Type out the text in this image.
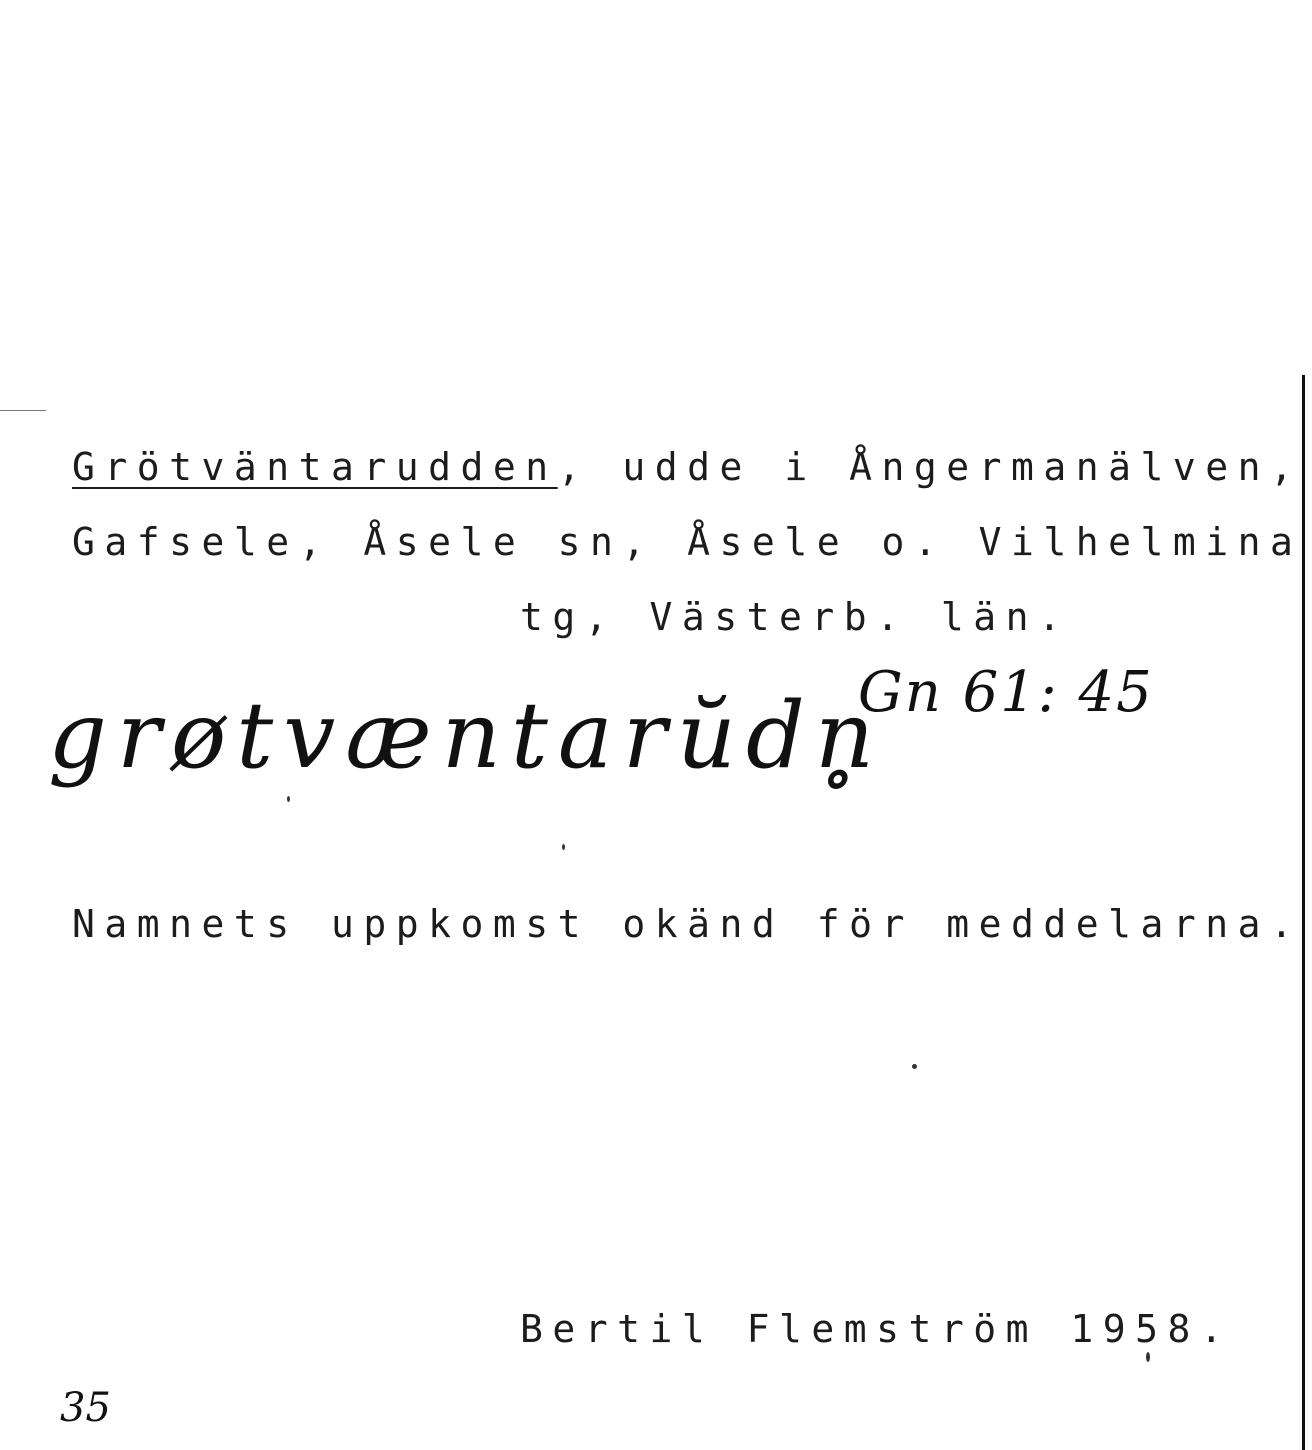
Grötväntarudden, udde i Ångermanälven,
Gafsele, Åsele sn, Åsele o. Vilhelmina
tg, Västerb. län.
grøtvæntarŭdn̥
Gn 61: 45
Namnets uppkomst okänd för meddelarna.
Bertil Flemström 1958.
35
